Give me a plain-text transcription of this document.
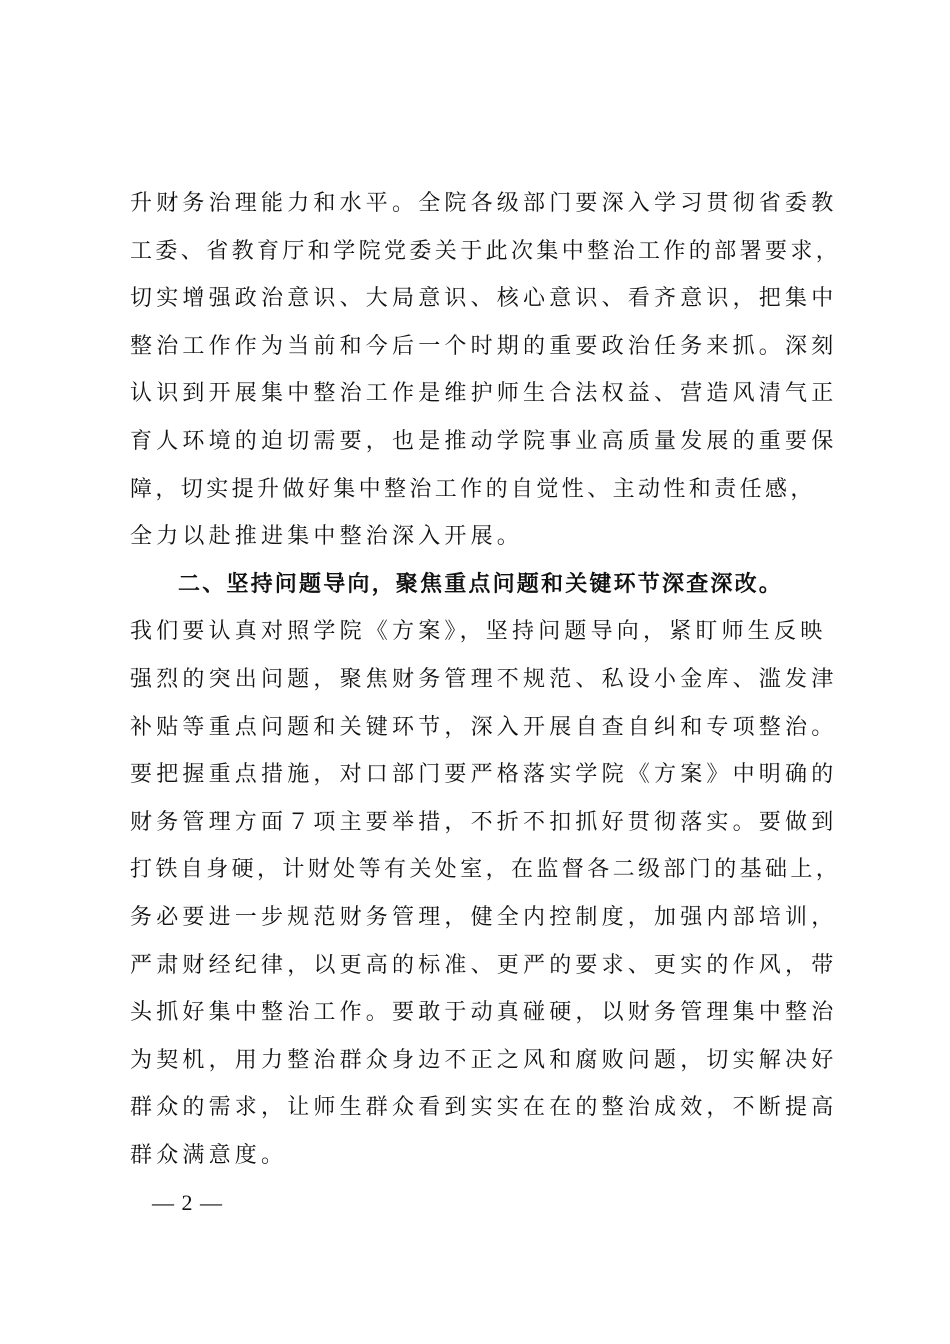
升财务治理能力和水平。全院各级部门要深入学习贯彻省委教
工委、省教育厅和学院党委关于此次集中整治工作的部署要求，
切实增强政治意识、大局意识、核心意识、看齐意识，把集中
整治工作作为当前和今后一个时期的重要政治任务来抓。深刻
认识到开展集中整治工作是维护师生合法权益、营造风清气正
育人环境的迫切需要，也是推动学院事业高质量发展的重要保
障，切实提升做好集中整治工作的自觉性、主动性和责任感，
全力以赴推进集中整治深入开展。
二、坚持问题导向，聚焦重点问题和关键环节深查深改。
我们要认真对照学院《方案》，坚持问题导向，紧盯师生反映
强烈的突出问题，聚焦财务管理不规范、私设小金库、滥发津
补贴等重点问题和关键环节，深入开展自查自纠和专项整治。
要把握重点措施，对口部门要严格落实学院《方案》中明确的
财务管理方面７项主要举措，不折不扣抓好贯彻落实。要做到
打铁自身硬，计财处等有关处室，在监督各二级部门的基础上，
务必要进一步规范财务管理，健全内控制度，加强内部培训，
严肃财经纪律，以更高的标准、更严的要求、更实的作风，带
头抓好集中整治工作。要敢于动真碰硬，以财务管理集中整治
为契机，用力整治群众身边不正之风和腐败问题，切实解决好
群众的需求，让师生群众看到实实在在的整治成效，不断提高
群众满意度。
— 2 —
